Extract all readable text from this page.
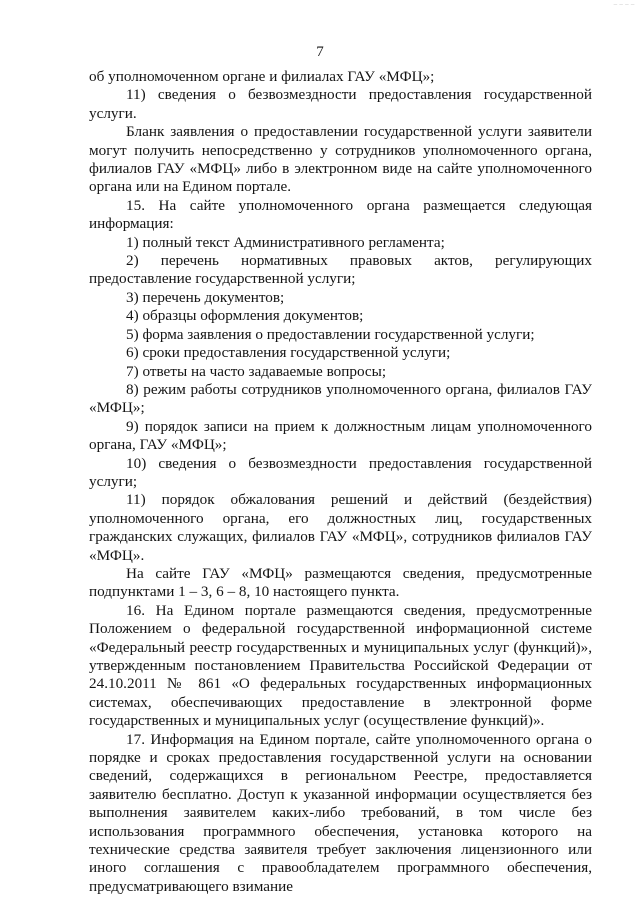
⁻⁻⁻⁻
7

об уполномоченном органе и филиалах ГАУ «МФЦ»;

11) сведения о безвозмездности предоставления государственной услуги.

Бланк заявления о предоставлении государственной услуги заявители могут получить непосредственно у сотрудников уполномоченного органа, филиалов ГАУ «МФЦ» либо в электронном виде на сайте уполномоченного органа или на Едином портале.

15. На сайте уполномоченного органа размещается следующая информация:

1) полный текст Административного регламента;

2) перечень нормативных правовых актов, регулирующих предоставление государственной услуги;

3) перечень документов;

4) образцы оформления документов;

5) форма заявления о предоставлении государственной услуги;

6) сроки предоставления государственной услуги;

7) ответы на часто задаваемые вопросы;

8) режим работы сотрудников уполномоченного органа, филиалов ГАУ «МФЦ»;

9) порядок записи на прием к должностным лицам уполномоченного органа, ГАУ «МФЦ»;

10) сведения о безвозмездности предоставления государственной услуги;

11) порядок обжалования решений и действий (бездействия) уполномоченного органа, его должностных лиц, государственных гражданских служащих, филиалов ГАУ «МФЦ», сотрудников филиалов ГАУ «МФЦ».

На сайте ГАУ «МФЦ» размещаются сведения, предусмотренные подпунктами 1 – 3, 6 – 8, 10 настоящего пункта.

16. На Едином портале размещаются сведения, предусмотренные Положением о федеральной государственной информационной системе «Федеральный реестр государственных и муниципальных услуг (функций)», утвержденным постановлением Правительства Российской Федерации от 24.10.2011 № 861 «О федеральных государственных информационных системах, обеспечивающих предоставление в электронной форме государственных и муниципальных услуг (осуществление функций)».

17. Информация на Едином портале, сайте уполномоченного органа о порядке и сроках предоставления государственной услуги на основании сведений, содержащихся в региональном Реестре, предоставляется заявителю бесплатно. Доступ к указанной информации осуществляется без выполнения заявителем каких-либо требований, в том числе без использования программного обеспечения, установка которого на технические средства заявителя требует заключения лицензионного или иного соглашения с правообладателем программного обеспечения, предусматривающего взимание
